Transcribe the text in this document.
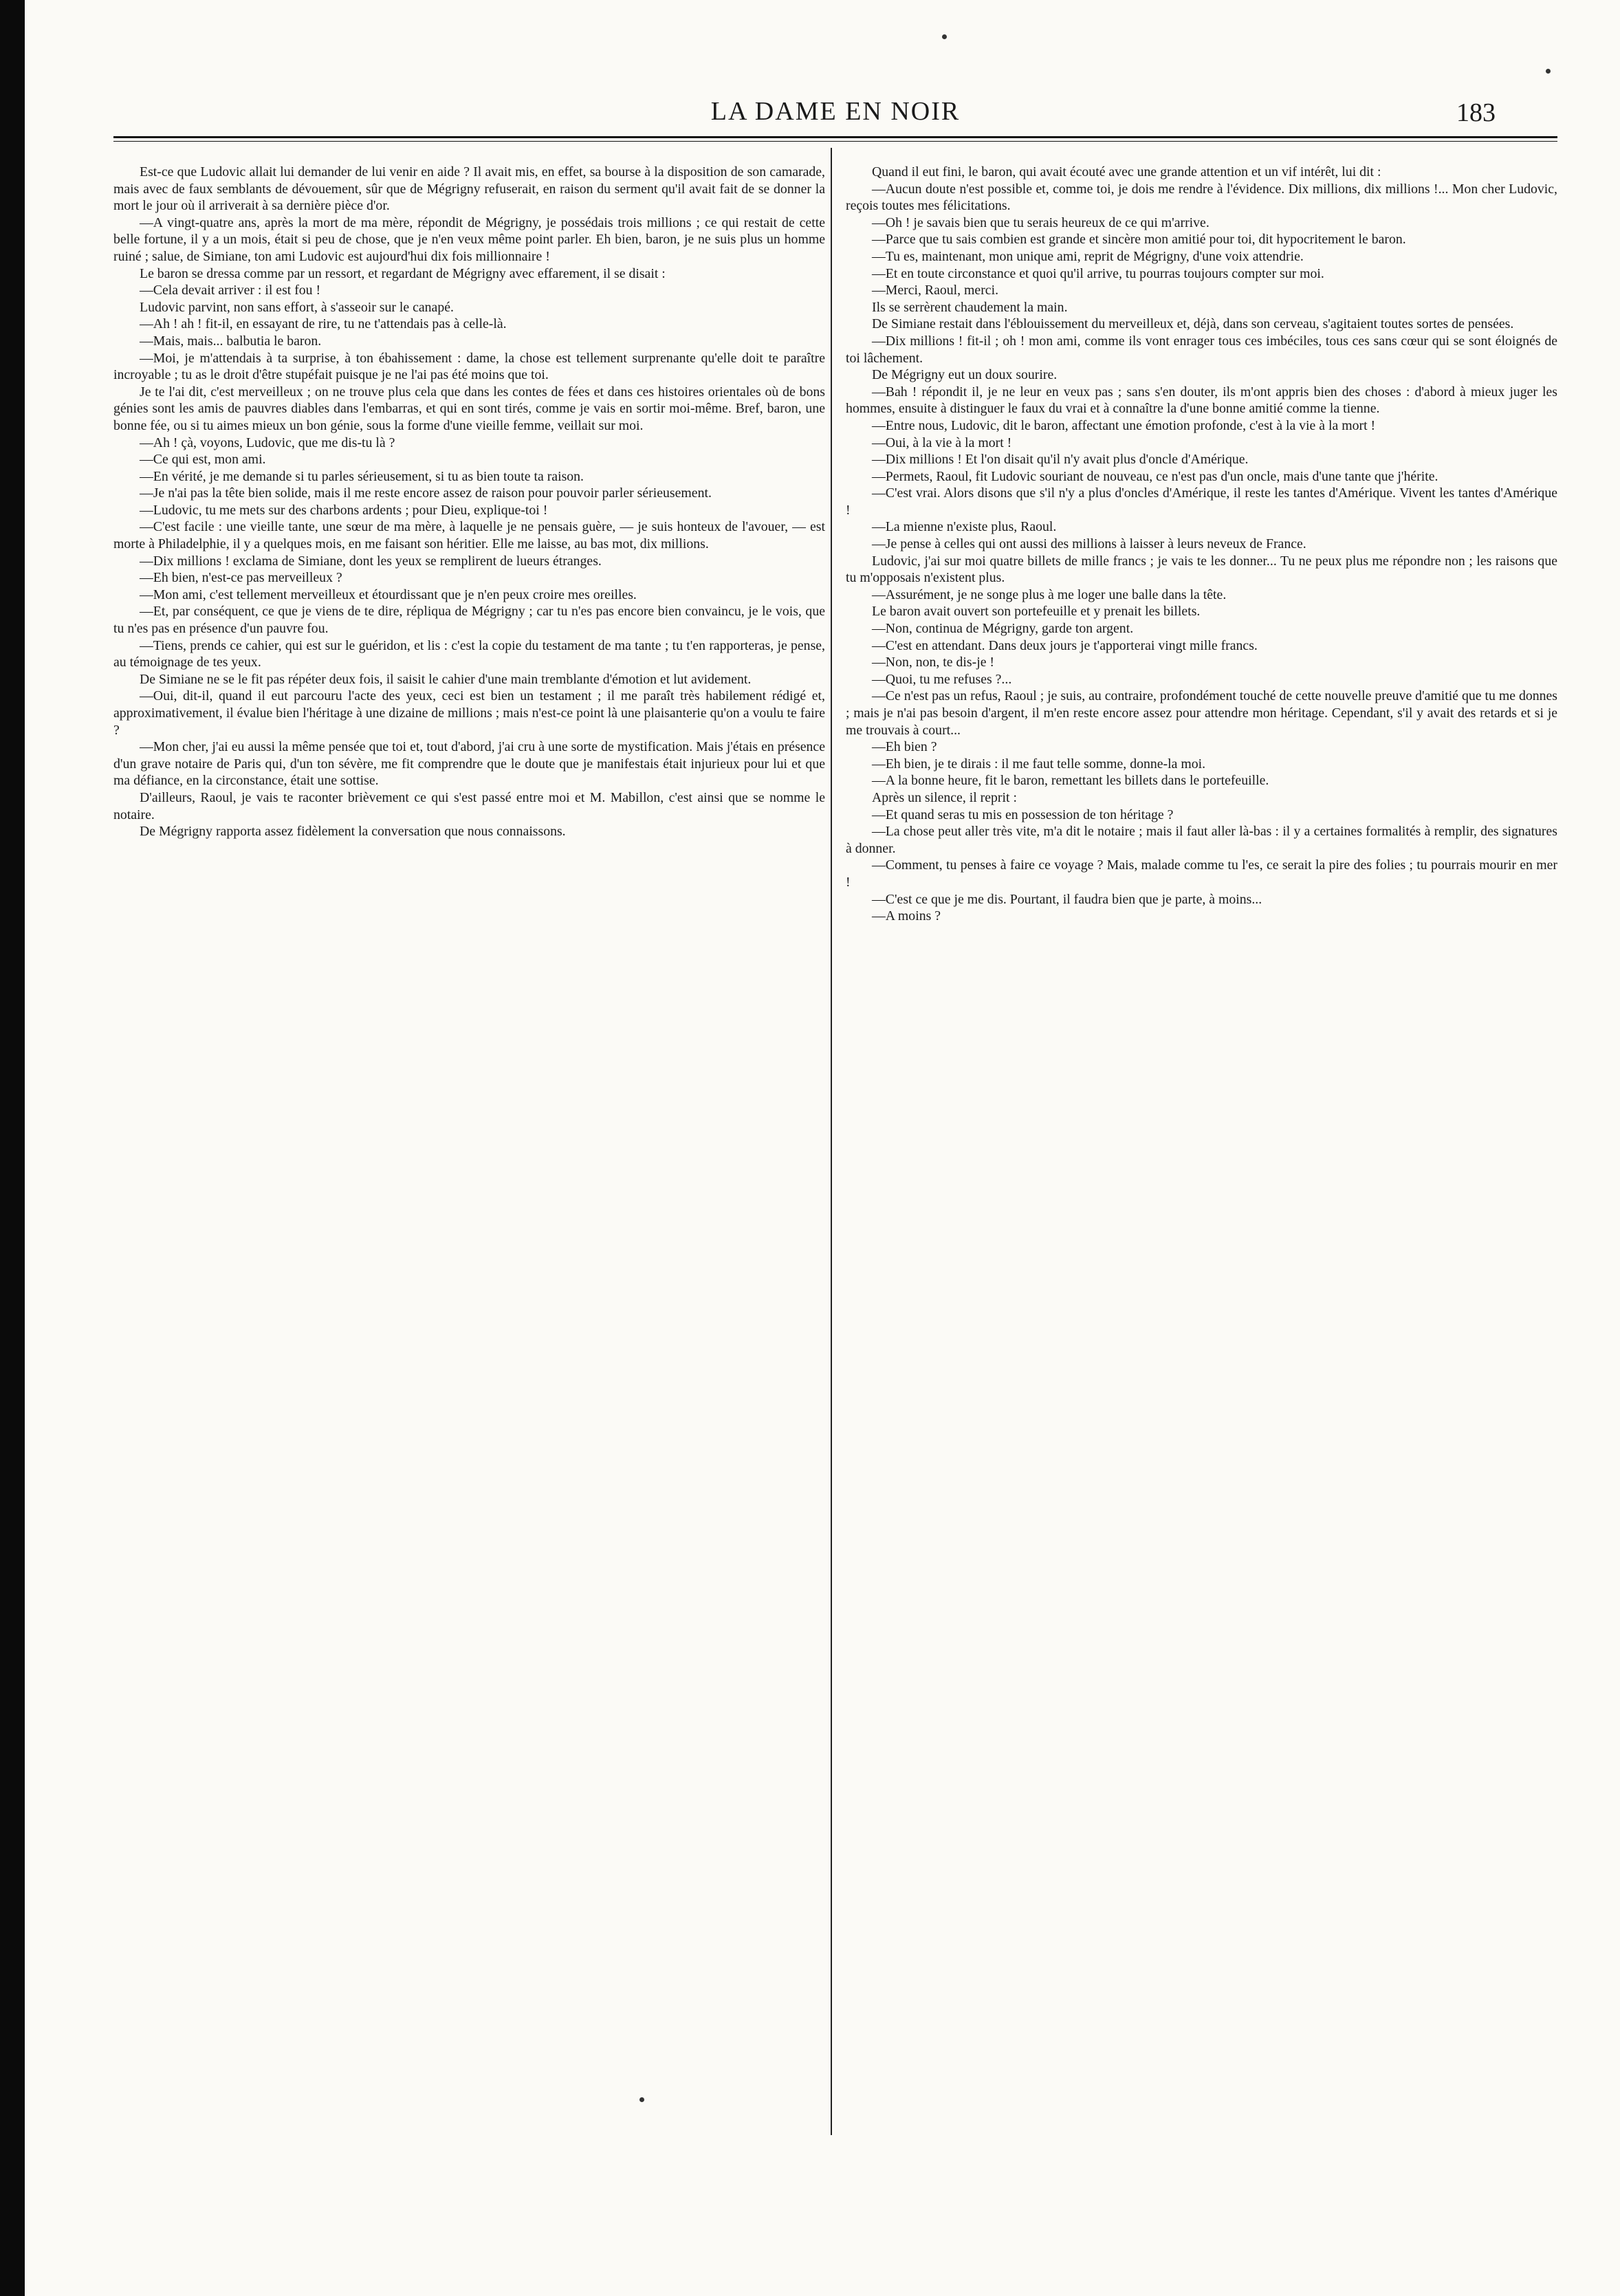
LA DAME EN NOIR	183

Est-ce que Ludovic allait lui demander de lui venir en aide ? Il avait mis, en effet, sa bourse à la disposition de son camarade, mais avec de faux semblants de dévouement, sûr que de Mégrigny refuserait, en raison du serment qu'il avait fait de se donner la mort le jour où il arriverait à sa dernière pièce d'or.

—A vingt-quatre ans, après la mort de ma mère, répondit de Mégrigny, je possédais trois millions ; ce qui restait de cette belle fortune, il y a un mois, était si peu de chose, que je n'en veux même point parler. Eh bien, baron, je ne suis plus un homme ruiné ; salue, de Simiane, ton ami Ludovic est aujourd'hui dix fois millionnaire !

Le baron se dressa comme par un ressort, et regardant de Mégrigny avec effarement, il se disait :

—Cela devait arriver : il est fou !

Ludovic parvint, non sans effort, à s'asseoir sur le canapé.

—Ah ! ah ! fit-il, en essayant de rire, tu ne t'attendais pas à celle-là.

—Mais, mais... balbutia le baron.

—Moi, je m'attendais à ta surprise, à ton ébahissement : dame, la chose est tellement surprenante qu'elle doit te paraître incroyable ; tu as le droit d'être stupéfait puisque je ne l'ai pas été moins que toi.

Je te l'ai dit, c'est merveilleux ; on ne trouve plus cela que dans les contes de fées et dans ces histoires orientales où de bons génies sont les amis de pauvres diables dans l'embarras, et qui en sont tirés, comme je vais en sortir moi-même. Bref, baron, une bonne fée, ou si tu aimes mieux un bon génie, sous la forme d'une vieille femme, veillait sur moi.

—Ah ! çà, voyons, Ludovic, que me dis-tu là ?

—Ce qui est, mon ami.

—En vérité, je me demande si tu parles sérieusement, si tu as bien toute ta raison.

—Je n'ai pas la tête bien solide, mais il me reste encore assez de raison pour pouvoir parler sérieusement.

—Ludovic, tu me mets sur des charbons ardents ; pour Dieu, explique-toi !

—C'est facile : une vieille tante, une sœur de ma mère, à laquelle je ne pensais guère, — je suis honteux de l'avouer, — est morte à Philadelphie, il y a quelques mois, en me faisant son héritier. Elle me laisse, au bas mot, dix millions.

—Dix millions ! exclama de Simiane, dont les yeux se remplirent de lueurs étranges.

—Eh bien, n'est-ce pas merveilleux ?

—Mon ami, c'est tellement merveilleux et étourdissant que je n'en peux croire mes oreilles.

—Et, par conséquent, ce que je viens de te dire, répliqua de Mégrigny ; car tu n'es pas encore bien convaincu, je le vois, que tu n'es pas en présence d'un pauvre fou.

—Tiens, prends ce cahier, qui est sur le guéridon, et lis : c'est la copie du testament de ma tante ; tu t'en rapporteras, je pense, au témoignage de tes yeux.

De Simiane ne se le fit pas répéter deux fois, il saisit le cahier d'une main tremblante d'émotion et lut avidement.

—Oui, dit-il, quand il eut parcouru l'acte des yeux, ceci est bien un testament ; il me paraît très habilement rédigé et, approximativement, il évalue bien l'héritage à une dizaine de millions ; mais n'est-ce point là une plaisanterie qu'on a voulu te faire ?

—Mon cher, j'ai eu aussi la même pensée que toi et, tout d'abord, j'ai cru à une sorte de mystification. Mais j'étais en présence d'un grave notaire de Paris qui, d'un ton sévère, me fit comprendre que le doute que je manifestais était injurieux pour lui et que ma défiance, en la circonstance, était une sottise.

D'ailleurs, Raoul, je vais te raconter brièvement ce qui s'est passé entre moi et M. Mabillon, c'est ainsi que se nomme le notaire.

De Mégrigny rapporta assez fidèlement la conversation que nous connaissons.

Quand il eut fini, le baron, qui avait écouté avec une grande attention et un vif intérêt, lui dit :

—Aucun doute n'est possible et, comme toi, je dois me rendre à l'évidence. Dix millions, dix millions !... Mon cher Ludovic, reçois toutes mes félicitations.

—Oh ! je savais bien que tu serais heureux de ce qui m'arrive.

—Parce que tu sais combien est grande et sincère mon amitié pour toi, dit hypocritement le baron.

—Tu es, maintenant, mon unique ami, reprit de Mégrigny, d'une voix attendrie.

—Et en toute circonstance et quoi qu'il arrive, tu pourras toujours compter sur moi.

—Merci, Raoul, merci.

Ils se serrèrent chaudement la main.

De Simiane restait dans l'éblouissement du merveilleux et, déjà, dans son cerveau, s'agitaient toutes sortes de pensées.

—Dix millions ! fit-il ; oh ! mon ami, comme ils vont enrager tous ces imbéciles, tous ces sans cœur qui se sont éloignés de toi lâchement.

De Mégrigny eut un doux sourire.

—Bah ! répondit il, je ne leur en veux pas ; sans s'en douter, ils m'ont appris bien des choses : d'abord à mieux juger les hommes, ensuite à distinguer le faux du vrai et à connaître la d'une bonne amitié comme la tienne.

—Entre nous, Ludovic, dit le baron, affectant une émotion profonde, c'est à la vie à la mort !

—Oui, à la vie à la mort !

—Dix millions ! Et l'on disait qu'il n'y avait plus d'oncle d'Amérique.

—Permets, Raoul, fit Ludovic souriant de nouveau, ce n'est pas d'un oncle, mais d'une tante que j'hérite.

—C'est vrai. Alors disons que s'il n'y a plus d'oncles d'Amérique, il reste les tantes d'Amérique. Vivent les tantes d'Amérique !

—La mienne n'existe plus, Raoul.

—Je pense à celles qui ont aussi des millions à laisser à leurs neveux de France.

Ludovic, j'ai sur moi quatre billets de mille francs ; je vais te les donner... Tu ne peux plus me répondre non ; les raisons que tu m'opposais n'existent plus.

—Assurément, je ne songe plus à me loger une balle dans la tête.

Le baron avait ouvert son portefeuille et y prenait les billets.

—Non, continua de Mégrigny, garde ton argent.

—C'est en attendant. Dans deux jours je t'apporterai vingt mille francs.

—Non, non, te dis-je !

—Quoi, tu me refuses ?...

—Ce n'est pas un refus, Raoul ; je suis, au contraire, profondément touché de cette nouvelle preuve d'amitié que tu me donnes ; mais je n'ai pas besoin d'argent, il m'en reste encore assez pour attendre mon héritage. Cependant, s'il y avait des retards et si je me trouvais à court...

—Eh bien ?

—Eh bien, je te dirais : il me faut telle somme, donne-la moi.

—A la bonne heure, fit le baron, remettant les billets dans le portefeuille.

Après un silence, il reprit :

—Et quand seras tu mis en possession de ton héritage ?

—La chose peut aller très vite, m'a dit le notaire ; mais il faut aller là-bas : il y a certaines formalités à remplir, des signatures à donner.

—Comment, tu penses à faire ce voyage ? Mais, malade comme tu l'es, ce serait la pire des folies ; tu pourrais mourir en mer !

—C'est ce que je me dis. Pourtant, il faudra bien que je parte, à moins...

—A moins ?
